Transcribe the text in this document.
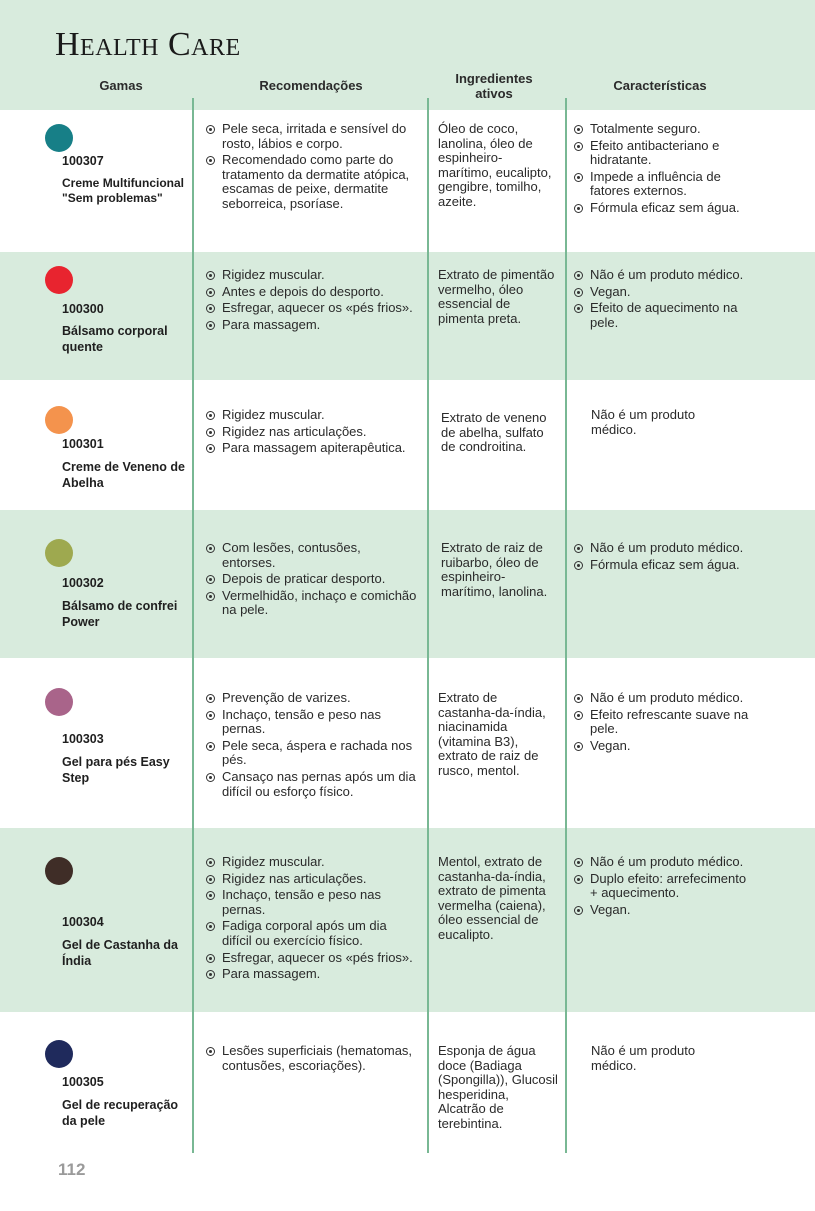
Health Care
Gamas	Recomendações	Ingredientes
ativos
Características
100307
Creme Multifuncional "Sem problemas"
Pele seca, irritada e sensível do rosto, lábios e corpo.
Recomendado como parte do tratamento da dermatite atópica, escamas de peixe, dermatite seborreica, psoríase.
Óleo de coco, lanolina, óleo de espinheiro-marítimo, eucalipto, gengibre, tomilho, azeite.
Totalmente seguro.
Efeito antibacteriano e hidratante.
Impede a influência de fatores externos.
Fórmula eficaz sem água.
100300
Bálsamo corporal quente
Rigidez muscular.
Antes e depois do desporto.
Esfregar, aquecer os «pés frios».
Para massagem.
Extrato de pimentão vermelho, óleo essencial de pimenta preta.
Não é um produto médico.
Vegan.
Efeito de aquecimento na pele.
100301
Creme de Veneno de Abelha
Rigidez muscular.
Rigidez nas articulações.
Para massagem apiterapêutica.
Extrato de veneno de abelha, sulfato de condroitina.
Não é um produto médico.
100302
Bálsamo de confrei Power
Com lesões, contusões, entorses.
Depois de praticar desporto.
Vermelhidão, inchaço e comichão na pele.
Extrato de raiz de ruibarbo, óleo de espinheiro-marítimo, lanolina.
Não é um produto médico.
Fórmula eficaz sem água.
100303
Gel para pés Easy Step
Prevenção de varizes.
Inchaço, tensão e peso nas pernas.
Pele seca, áspera e rachada nos pés.
Cansaço nas pernas após um dia difícil ou esforço físico.
Extrato de castanha-da-índia, niacinamida (vitamina B3), extrato de raiz de rusco, mentol.
Não é um produto médico.
Efeito refrescante suave na pele.
Vegan.
100304
Gel de Castanha da Índia
Rigidez muscular.
Rigidez nas articulações.
Inchaço, tensão e peso nas pernas.
Fadiga corporal após um dia difícil ou exercício físico.
Esfregar, aquecer os «pés frios».
Para massagem.
Mentol, extrato de castanha-da-índia, extrato de pimenta vermelha (caiena), óleo essencial de eucalipto.
Não é um produto médico.
Duplo efeito: arrefecimento + aquecimento.
Vegan.
100305
Gel de recuperação da pele
Lesões superficiais (hematomas, contusões, escoriações).
Esponja de água doce (Badiaga (Spongilla)), Glucosil hesperidina, Alcatrão de terebintina.
Não é um produto médico.
112
